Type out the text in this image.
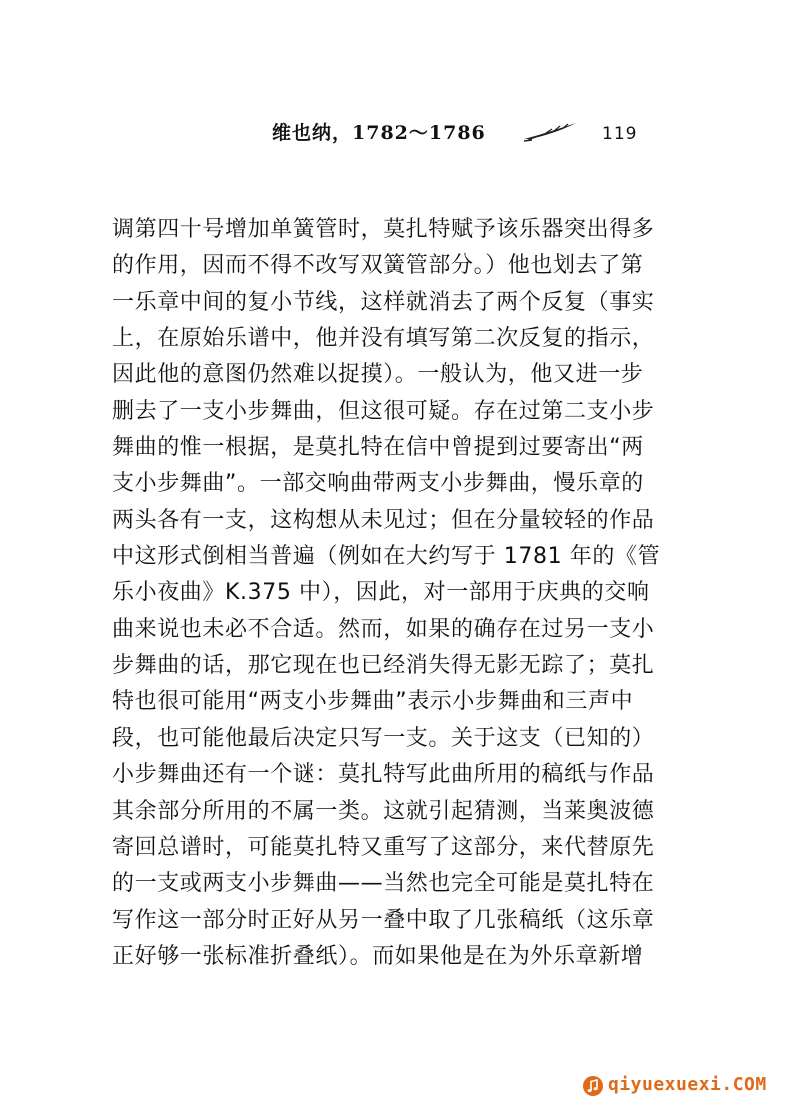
维也纳，1782～1786	119
调第四十号增加单簧管时，莫扎特赋予该乐器突出得多
的作用，因而不得不改写双簧管部分。）他也划去了第
一乐章中间的复小节线，这样就消去了两个反复（事实
上，在原始乐谱中，他并没有填写第二次反复的指示，
因此他的意图仍然难以捉摸）。一般认为，他又进一步
删去了一支小步舞曲，但这很可疑。存在过第二支小步
舞曲的惟一根据，是莫扎特在信中曾提到过要寄出“两
支小步舞曲”。一部交响曲带两支小步舞曲，慢乐章的
两头各有一支，这构想从未见过；但在分量较轻的作品
中这形式倒相当普遍（例如在大约写于 1781 年的《管
乐小夜曲》K.375 中），因此，对一部用于庆典的交响
曲来说也未必不合适。然而，如果的确存在过另一支小
步舞曲的话，那它现在也已经消失得无影无踪了；莫扎
特也很可能用“两支小步舞曲”表示小步舞曲和三声中
段，也可能他最后决定只写一支。关于这支（已知的）
小步舞曲还有一个谜：莫扎特写此曲所用的稿纸与作品
其余部分所用的不属一类。这就引起猜测，当莱奥波德
寄回总谱时，可能莫扎特又重写了这部分，来代替原先
的一支或两支小步舞曲——当然也完全可能是莫扎特在
写作这一部分时正好从另一叠中取了几张稿纸（这乐章
正好够一张标准折叠纸）。而如果他是在为外乐章新增
qiyuexuexi.COM
